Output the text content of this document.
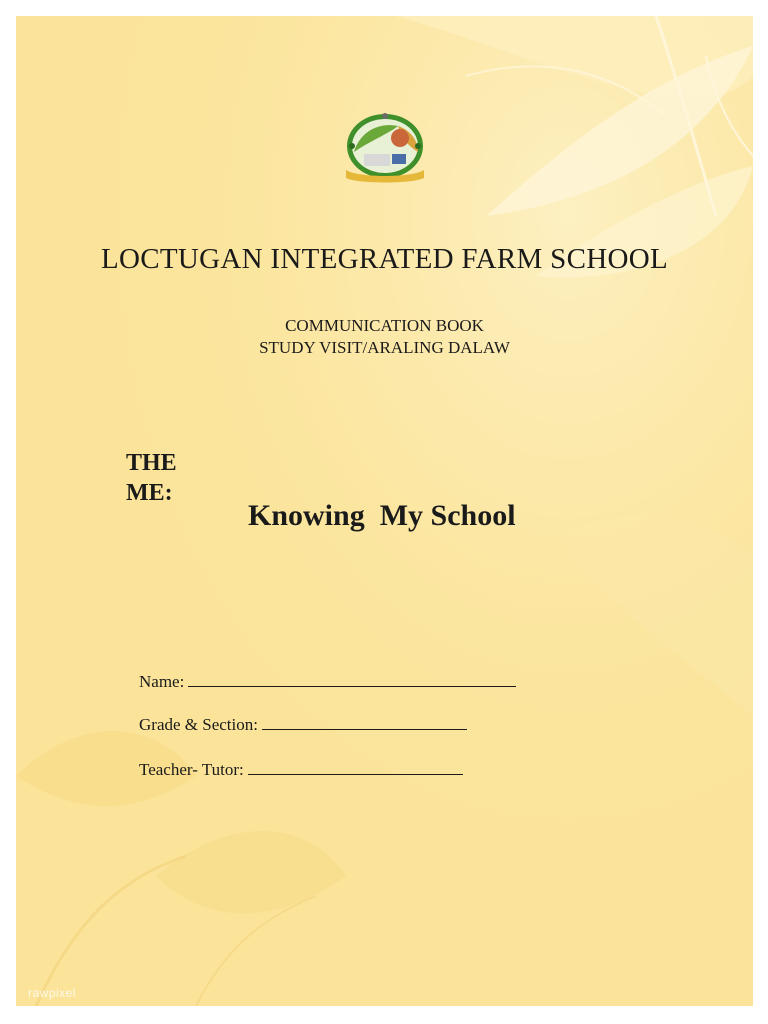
LOCTUGAN INTEGRATED FARM SCHOOL
COMMUNICATION BOOK
STUDY VISIT/ARALING DALAW
THE
ME:
Knowing  My School
Name:
Grade & Section:
Teacher- Tutor:
rawpixel
